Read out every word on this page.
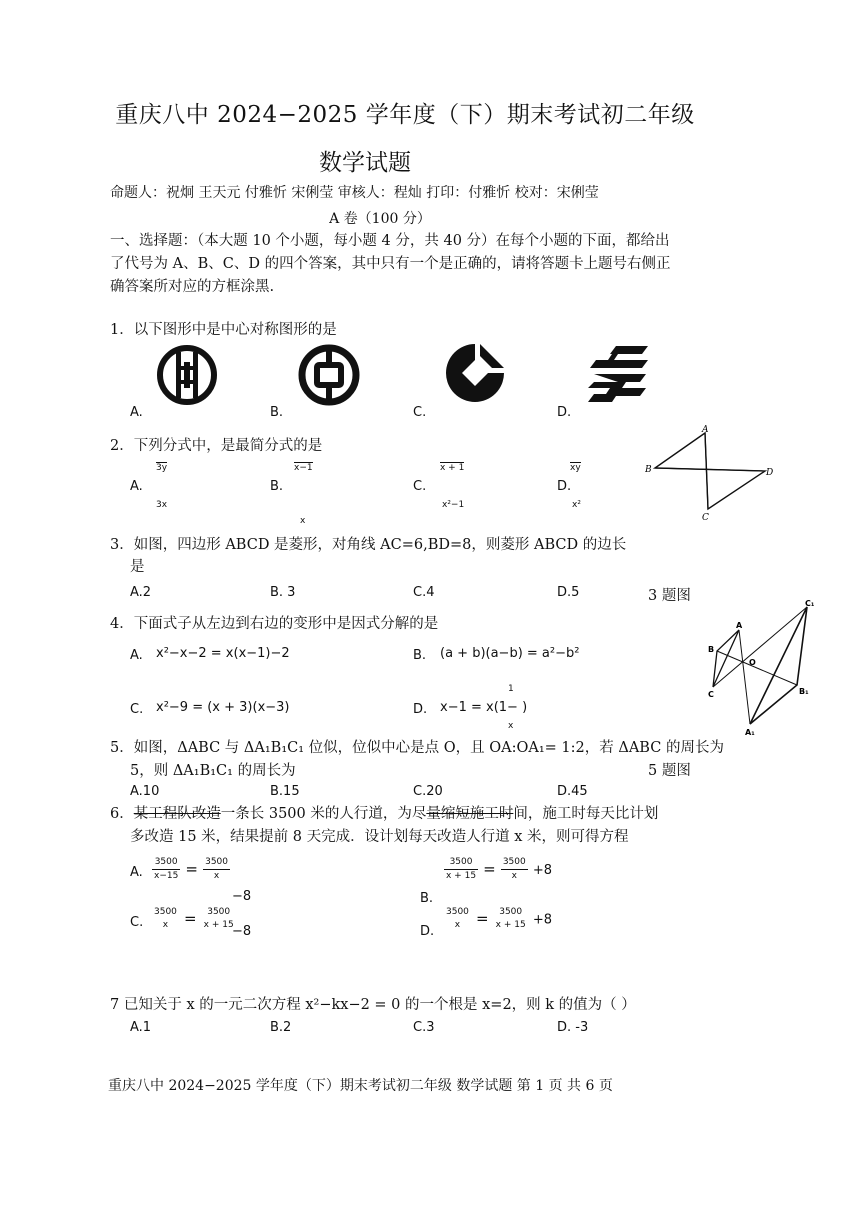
重庆八中 2024−2025 学年度（下）期末考试初二年级
数学试题
命题人：祝炯 王天元 付雅忻 宋俐莹 审核人：程灿 打印：付雅忻 校对：宋俐莹
A 卷（100 分）
一、选择题：（本大题 10 个小题，每小题 4 分，共 40 分）在每个小题的下面，都给出了代号为 A、B、C、D 的四个答案，其中只有一个是正确的，请将答题卡上题号右侧正确答案所对应的方框涂黑.
1．以下图形中是中心对称图形的是
A.	B.	C.	D.
2．下列分式中，是最简分式的是
3y
A.
3x
x−1
B.
x
x + 1
C.
x²−1
xy
D.
x²
A
B
C
D
3．如图，四边形 ABCD 是菱形，对角线 AC=6,BD=8，则菱形 ABCD 的边长
是
A.2	B. 3	C.4	D.5	3 题图
4．下面式子从左边到右边的变形中是因式分解的是
A. x²−x−2 = x(x−1)−2	B. (a + b)(a−b) = a²−b²
C. x²−9 = (x + 3)(x−3)	D. x−1 = x(1− )
1
x
A
B
C
O
A₁
B₁
C₁
5．如图，ΔABC 与 ΔA₁B₁C₁ 位似，位似中心是点 O，且 OA:OA₁= 1:2，若 ΔABC 的周长为
5，则 ΔA₁B₁C₁ 的周长为	5 题图
A.10	B.15	C.20	D.45
6．某工程队改造一条长 3500 米的人行道，为尽量缩短施工时间，施工时每天比计划
多改造 15 米，结果提前 8 天完成．设计划每天改造人行道 x 米，则可得方程
A. $\frac{3500}{x-15} = \frac{3500}{x}$
−8
$\frac{3500}{x + 15} = \frac{3500}{x} +8$
B.
C.
3500
x	=	3500
x + 15
−8	D.
3500
x	=	3500
x + 15 +8
7 已知关于 x 的一元二次方程 x²−kx−2 = 0 的一个根是 x=2，则 k 的值为（ ）
A.1	B.2	C.3	D. -3
重庆八中 2024−2025 学年度（下）期末考试初二年级 数学试题 第 1 页 共 6 页
